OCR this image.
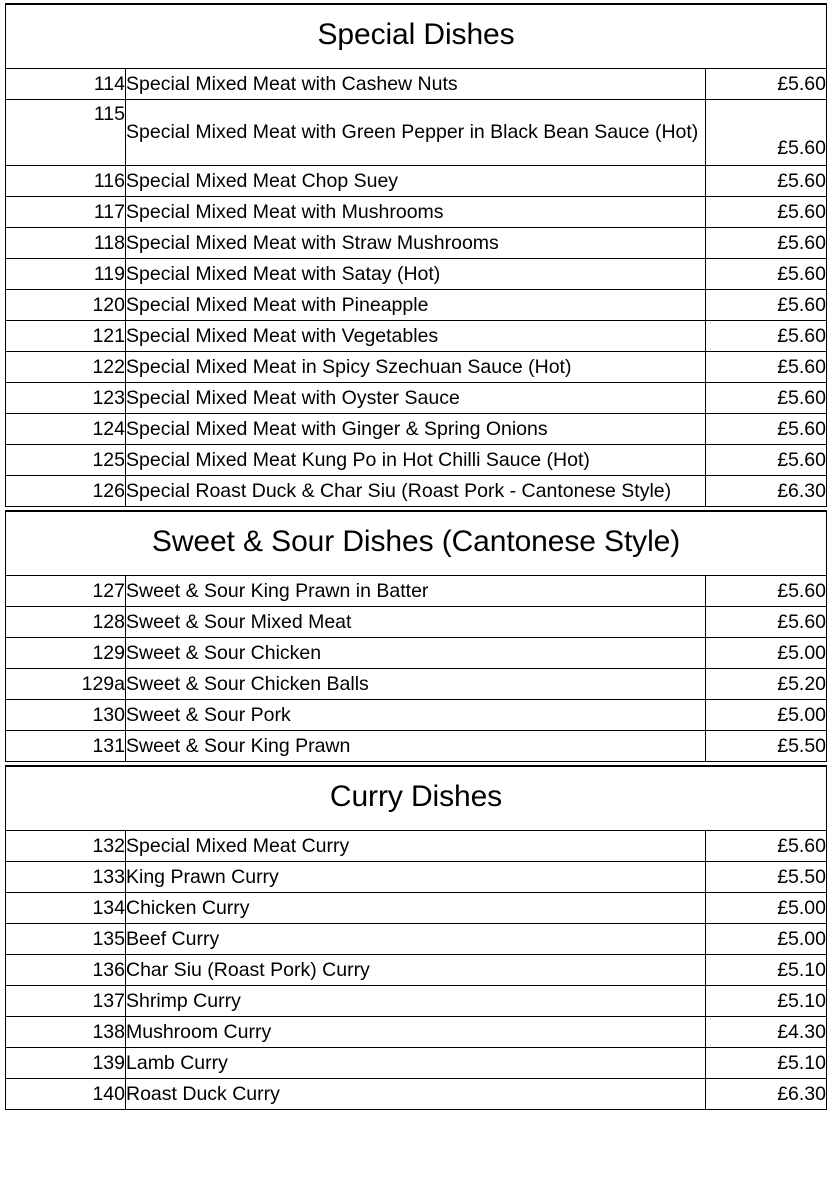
Special Dishes		
114	Special Mixed Meat with Cashew Nuts	£5.60
115	Special Mixed Meat with Green Pepper in Black Bean Sauce (Hot)	£5.60
116	Special Mixed Meat Chop Suey	£5.60
117	Special Mixed Meat with Mushrooms	£5.60
118	Special Mixed Meat with Straw Mushrooms	£5.60
119	Special Mixed Meat with Satay (Hot)	£5.60
120	Special Mixed Meat with Pineapple	£5.60
121	Special Mixed Meat with Vegetables	£5.60
122	Special Mixed Meat in Spicy Szechuan Sauce (Hot)	£5.60
123	Special Mixed Meat with Oyster Sauce	£5.60
124	Special Mixed Meat with Ginger & Spring Onions	£5.60
125	Special Mixed Meat Kung Po in Hot Chilli Sauce (Hot)	£5.60
126	Special Roast Duck & Char Siu (Roast Pork - Cantonese Style)	£6.30
Sweet & Sour Dishes (Cantonese Style)		
127	Sweet & Sour King Prawn in Batter	£5.60
128	Sweet & Sour Mixed Meat	£5.60
129	Sweet & Sour Chicken	£5.00
129a	Sweet & Sour Chicken Balls	£5.20
130	Sweet & Sour Pork	£5.00
131	Sweet & Sour King Prawn	£5.50
Curry Dishes		
132	Special Mixed Meat Curry	£5.60
133	King Prawn Curry	£5.50
134	Chicken Curry	£5.00
135	Beef Curry	£5.00
136	Char Siu (Roast Pork) Curry	£5.10
137	Shrimp Curry	£5.10
138	Mushroom Curry	£4.30
139	Lamb Curry	£5.10
140	Roast Duck Curry	£6.30
